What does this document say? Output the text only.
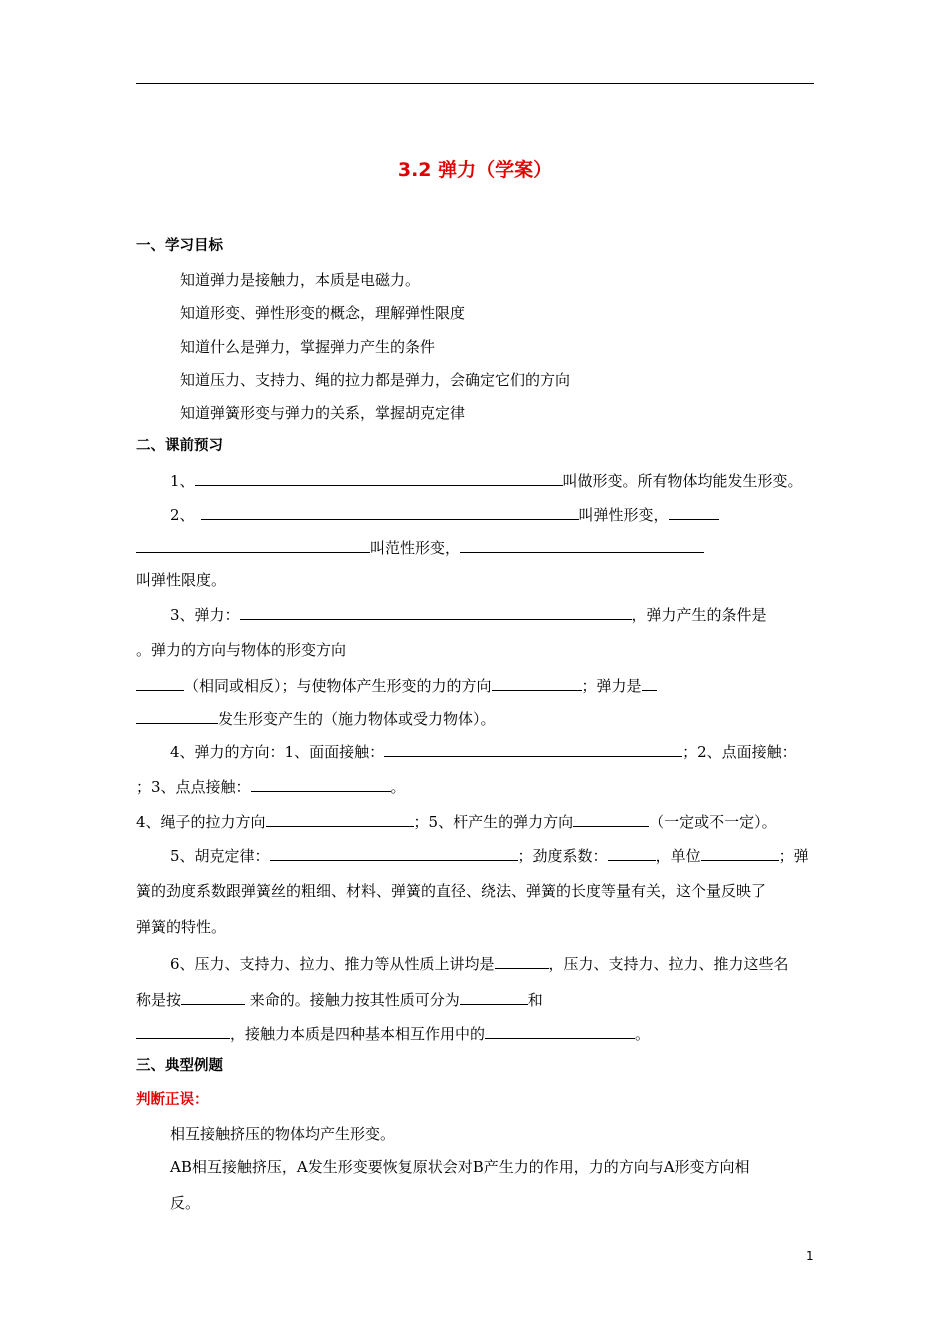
3.2 弹力（学案）
一、学习目标
知道弹力是接触力，本质是电磁力。
知道形变、弹性形变的概念，理解弹性限度
知道什么是弹力，掌握弹力产生的条件
知道压力、支持力、绳的拉力都是弹力，会确定它们的方向
知道弹簧形变与弹力的关系，掌握胡克定律
二、课前预习
1、	叫做形变。所有物体均能发生形变。
2、	叫弹性形变，
叫范性形变，
叫弹性限度。
3、弹力：	，弹力产生的条件是
。弹力的方向与物体的形变方向
（相同或相反）；与使物体产生形变的力的方向	；弹力是
发生形变产生的（施力物体或受力物体）。
4、弹力的方向：1、面面接触：	；2、点面接触：
；3、点点接触：	。
4、绳子的拉力方向	；5、杆产生的弹力方向	（一定或不一定）。
5、胡克定律：	；劲度系数：	，单位	；弹
簧的劲度系数跟弹簧丝的粗细、材料、弹簧的直径、绕法、弹簧的长度等量有关，这个量反映了
弹簧的特性。
6、压力、支持力、拉力、推力等从性质上讲均是	，压力、支持力、拉力、推力这些名
称是按	来命的。接触力按其性质可分为	和
，接触力本质是四种基本相互作用中的	。
三、典型例题
判断正误：
相互接触挤压的物体均产生形变。
AB相互接触挤压，A发生形变要恢复原状会对B产生力的作用，力的方向与A形变方向相
反。
1
